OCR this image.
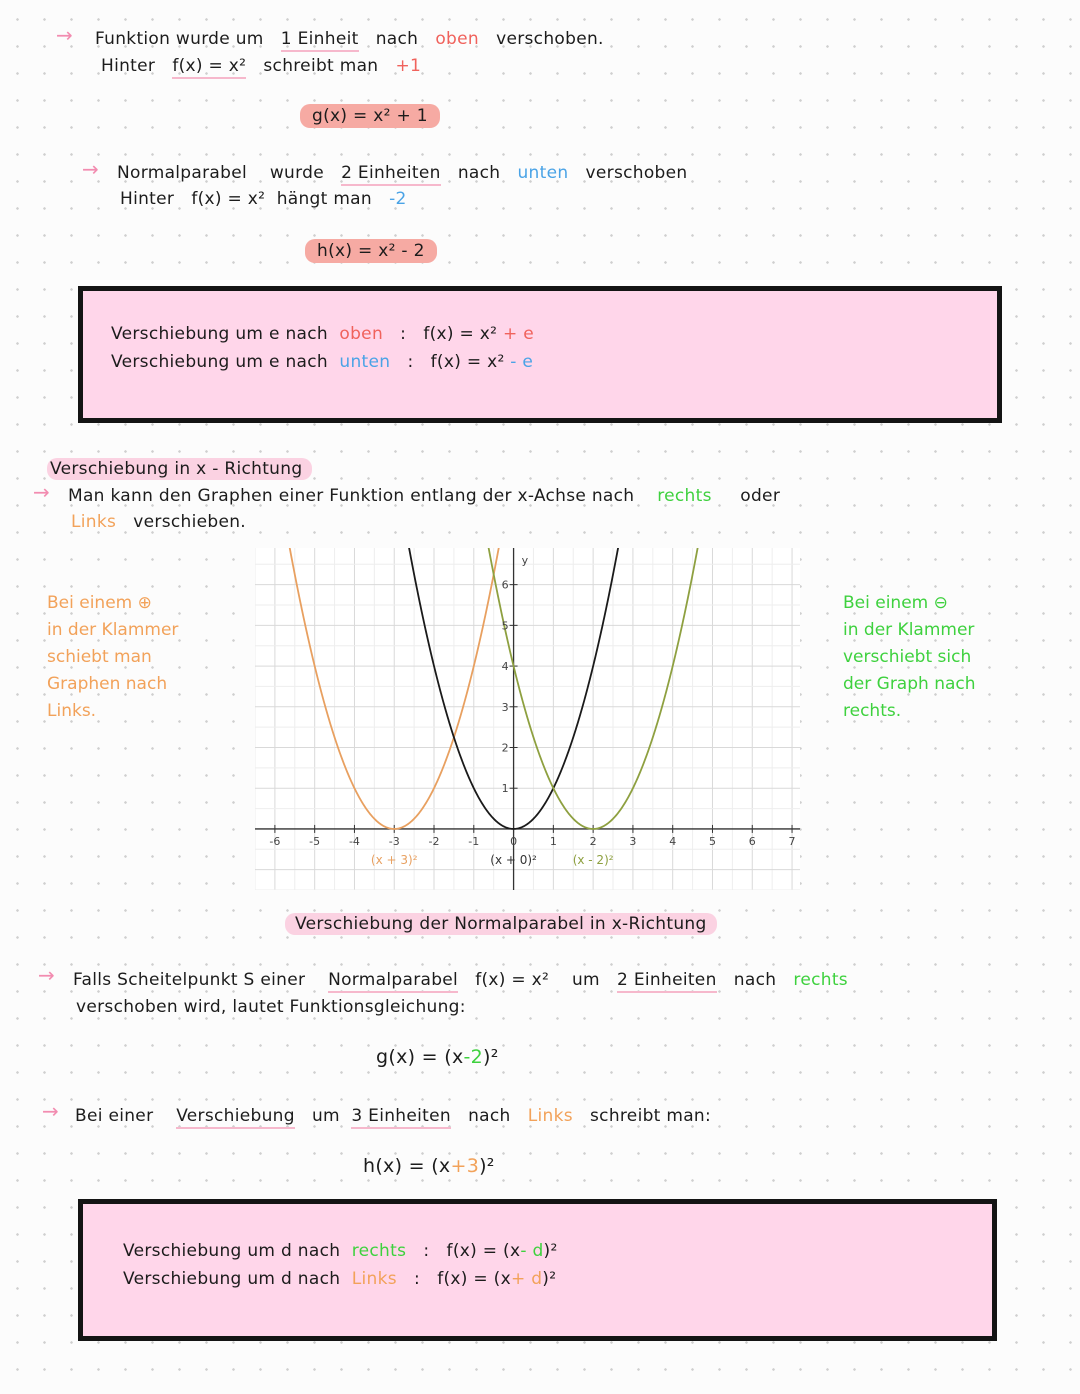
→ Funktion wurde um 1 Einheit nach oben verschoben.
Hinter f(x) = x² schreibt man +1
g(x) = x² + 1
→ Normalparabel wurde 2 Einheiten nach unten verschoben
Hinter f(x) = x² hängt man -2
h(x) = x² - 2
Verschiebung um e nach oben : f(x) = x² + e
Verschiebung um e nach unten : f(x) = x² - e
Verschiebung in x - Richtung
→ Man kann den Graphen einer Funktion entlang der x-Achse nach rechts oder
Links verschieben.
Bei einem ⊕
in der Klammer
schiebt man
Graphen nach
Links.
Bei einem ⊖
in der Klammer
verschiebt sich
der Graph nach
rechts.
-6	-5	-4	-3	-2	-1	0	1	2	3	4	5	6	7
1
2
3
4
5
6
y
(x + 3)²	(x + 0)²	(x - 2)²
Verschiebung der Normalparabel in x-Richtung
→ Falls Scheitelpunkt S einer Normalparabel f(x) = x² um 2 Einheiten nach rechts
verschoben wird, lautet Funktionsgleichung:
g(x) = (x-2)²
→ Bei einer Verschiebung um 3 Einheiten nach Links schreibt man:
h(x) = (x+3)²
Verschiebung um d nach rechts : f(x) = (x- d)²
Verschiebung um d nach Links : f(x) = (x+ d)²
